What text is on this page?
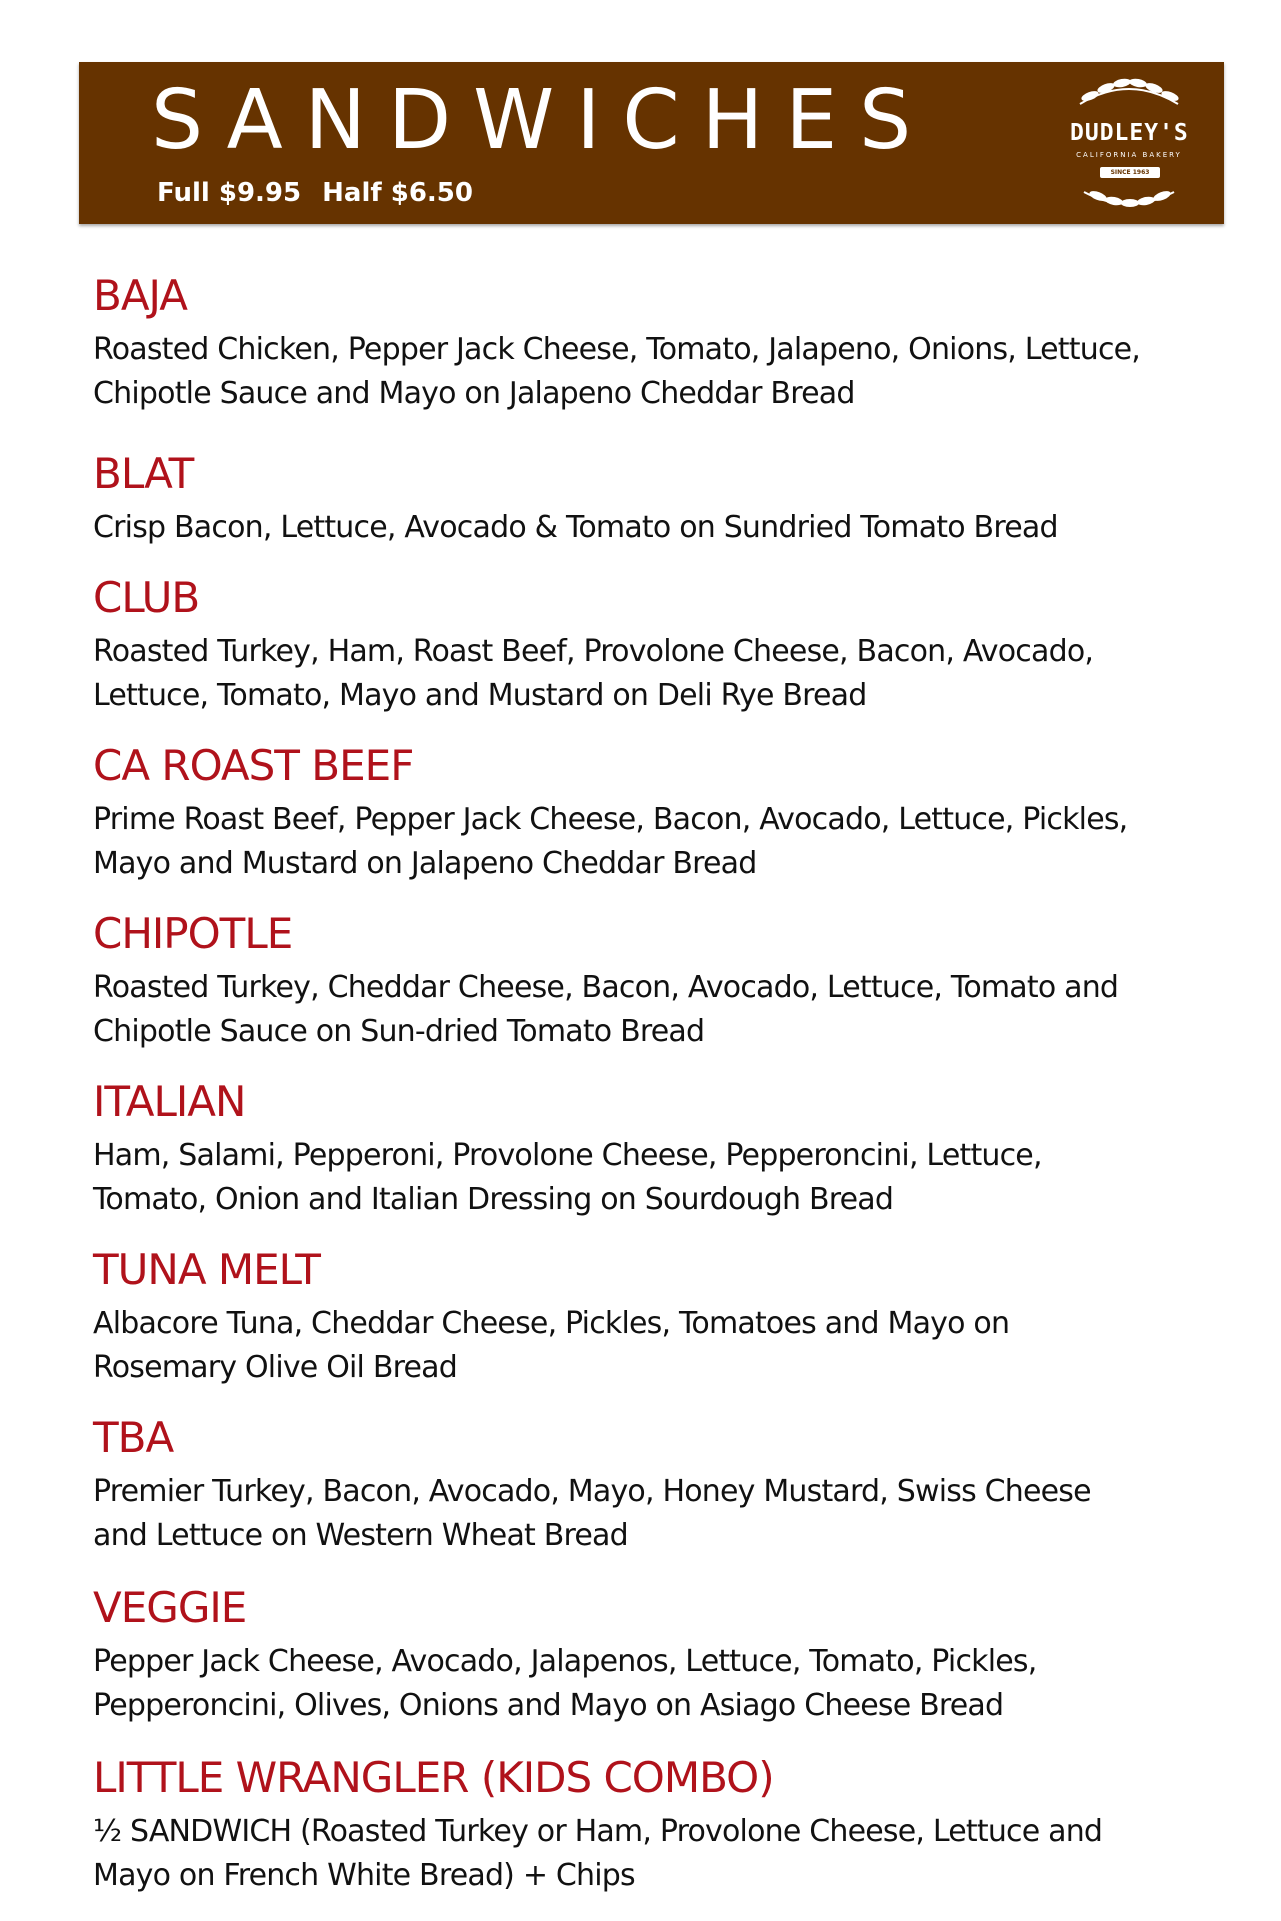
SANDWICHES
Full $9.95 Half $6.50
DUDLEY'S
CALIFORNIA BAKERY
SINCE 1963
BAJA
Roasted Chicken, Pepper Jack Cheese, Tomato, Jalapeno, Onions, Lettuce,
Chipotle Sauce and Mayo on Jalapeno Cheddar Bread
BLAT
Crisp Bacon, Lettuce, Avocado & Tomato on Sundried Tomato Bread
CLUB
Roasted Turkey, Ham, Roast Beef, Provolone Cheese, Bacon, Avocado,
Lettuce, Tomato, Mayo and Mustard on Deli Rye Bread
CA ROAST BEEF
Prime Roast Beef, Pepper Jack Cheese, Bacon, Avocado, Lettuce, Pickles,
Mayo and Mustard on Jalapeno Cheddar Bread
CHIPOTLE
Roasted Turkey, Cheddar Cheese, Bacon, Avocado, Lettuce, Tomato and
Chipotle Sauce on Sun-dried Tomato Bread
ITALIAN
Ham, Salami, Pepperoni, Provolone Cheese, Pepperoncini, Lettuce,
Tomato, Onion and Italian Dressing on Sourdough Bread
TUNA MELT
Albacore Tuna, Cheddar Cheese, Pickles, Tomatoes and Mayo on
Rosemary Olive Oil Bread
TBA
Premier Turkey, Bacon, Avocado, Mayo, Honey Mustard, Swiss Cheese
and Lettuce on Western Wheat Bread
VEGGIE
Pepper Jack Cheese, Avocado, Jalapenos, Lettuce, Tomato, Pickles,
Pepperoncini, Olives, Onions and Mayo on Asiago Cheese Bread
LITTLE WRANGLER (KIDS COMBO)
½ SANDWICH (Roasted Turkey or Ham, Provolone Cheese, Lettuce and
Mayo on French White Bread) + Chips
